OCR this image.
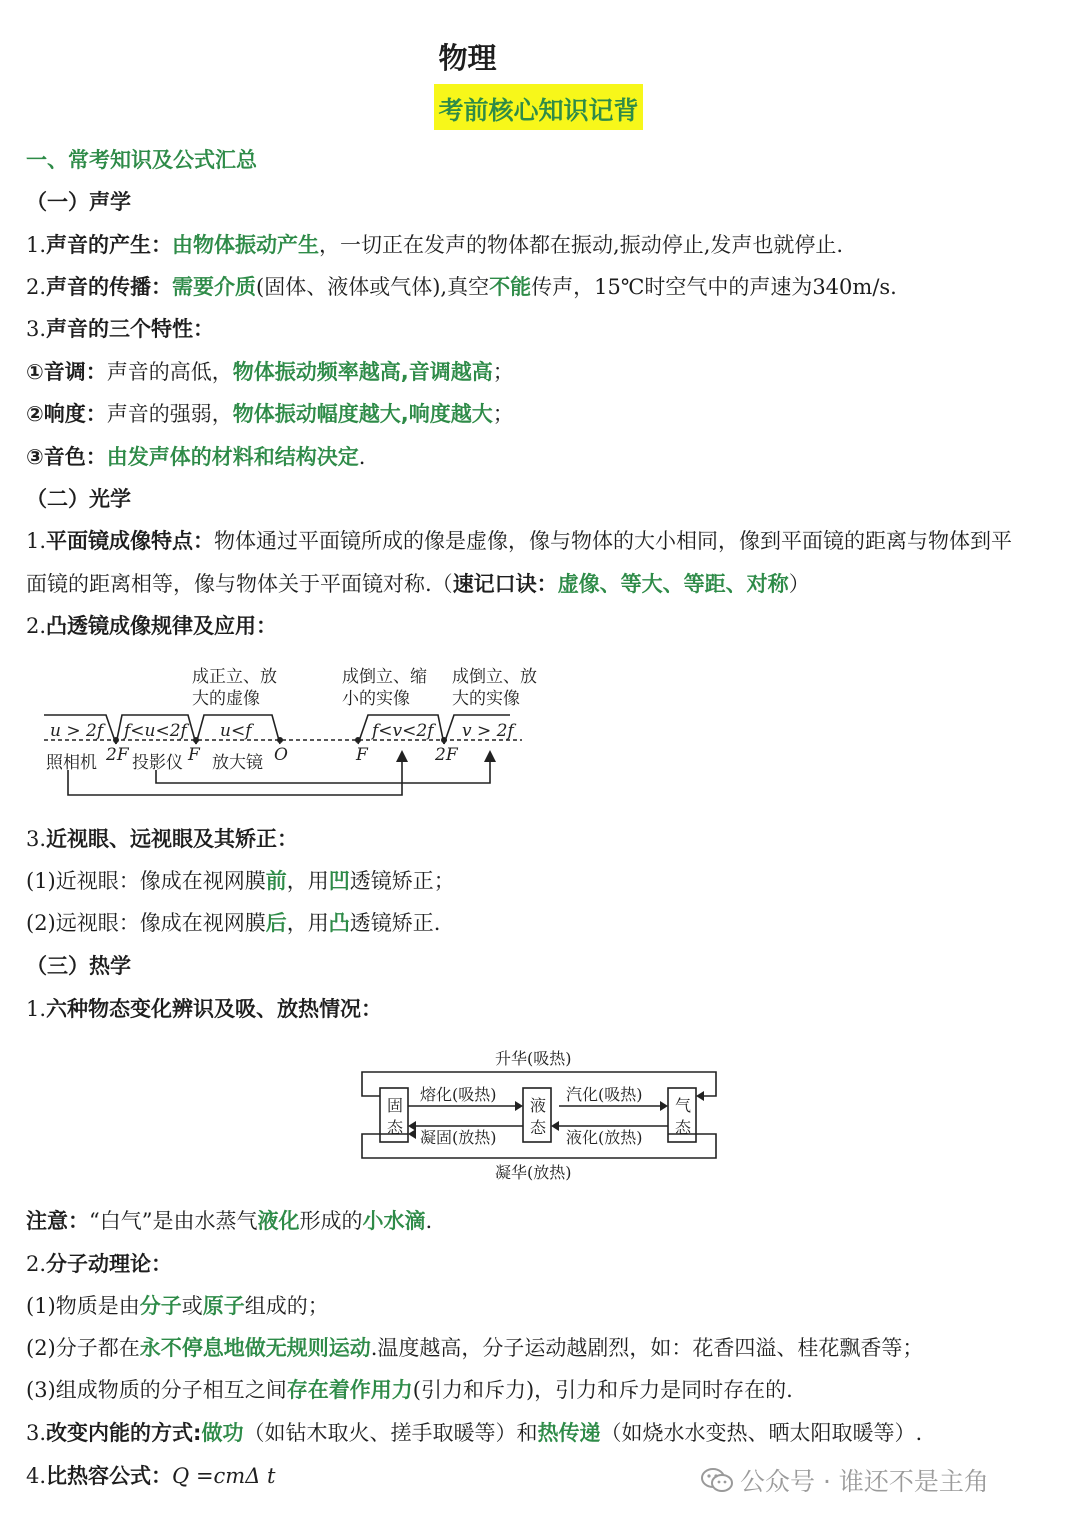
物理
考前核心知识记背
一、常考知识及公式汇总
（一）声学
1.声音的产生：由物体振动产生，一切正在发声的物体都在振动,振动停止,发声也就停止.
2.声音的传播：需要介质(固体、液体或气体),真空不能传声，15℃时空气中的声速为340m/s.
3.声音的三个特性：
①音调：声音的高低，物体振动频率越高,音调越高；
②响度：声音的强弱，物体振动幅度越大,响度越大；
③音色：由发声体的材料和结构决定.
（二）光学
1.平面镜成像特点：物体通过平面镜所成的像是虚像，像与物体的大小相同，像到平面镜的距离与物体到平
面镜的距离相等，像与物体关于平面镜对称.（速记口诀：虚像、等大、等距、对称）
2.凸透镜成像规律及应用：
u > 2f f<u<2f u<f	f<v<2f v > 2f
2F	F	O	F	2F
照相机 投影仪 放大镜
成正立、放
大的虚像
成倒立、缩
小的实像
成倒立、放
大的实像
3.近视眼、远视眼及其矫正：
(1)近视眼：像成在视网膜前，用凹透镜矫正；
(2)远视眼：像成在视网膜后，用凸透镜矫正.
（三）热学
1.六种物态变化辨识及吸、放热情况：
固
态
液
态
气
态
熔化(吸热)
凝固(放热)
汽化(吸热)
液化(放热)
升华(吸热)
凝华(放热)
注意：“白气”是由水蒸气液化形成的小水滴.
2.分子动理论：
(1)物质是由分子或原子组成的；
(2)分子都在永不停息地做无规则运动.温度越高，分子运动越剧烈，如：花香四溢、桂花飘香等；
(3)组成物质的分子相互之间存在着作用力(引力和斥力)，引力和斥力是同时存在的.
3.改变内能的方式:做功（如钻木取火、搓手取暖等）和热传递（如烧水水变热、晒太阳取暖等）.
4.比热容公式：Q =cmΔ t	公众号 · 谁还不是主角
